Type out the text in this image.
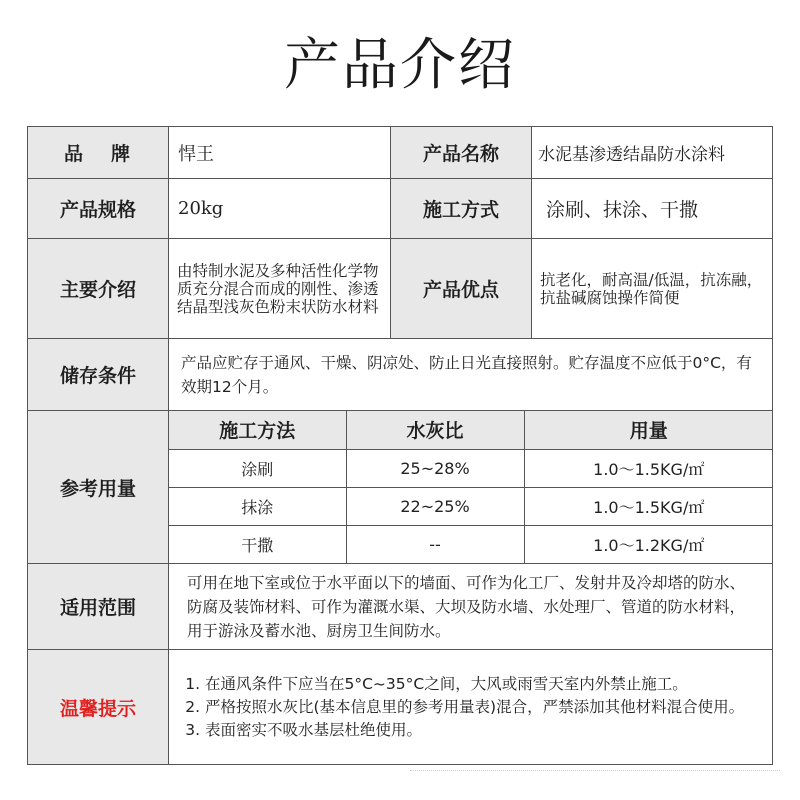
产品介绍
品牌	悍王	产品名称	水泥基渗透结晶防水涂料
产品规格	20kg	施工方式	涂刷、抹涂、干撒
主要介绍	由特制水泥及多种活性化学物质充分混合而成的刚性、渗透结晶型浅灰色粉末状防水材料	产品优点	抗老化，耐高温/低温，抗冻融，抗盐碱腐蚀操作简便
储存条件	产品应贮存于通风、干燥、阴凉处、防止日光直接照射。贮存温度不应低于0°C，有效期12个月。
参考用量	
施工方法	水灰比	用量
涂刷	25~28%	1.0～1.5KG/㎡
抹涂	22~25%	1.0～1.5KG/㎡
干撒	--	1.0～1.2KG/㎡

适用范围	可用在地下室或位于水平面以下的墙面、可作为化工厂、发射井及冷却塔的防水、防腐及装饰材料、可作为灌溉水渠、大坝及防水墙、水处理厂、管道的防水材料，用于游泳及蓄水池、厨房卫生间防水。
温馨提示	
1. 在通风条件下应当在5°C~35°C之间，大风或雨雪天室内外禁止施工。
2. 严格按照水灰比(基本信息里的参考用量表)混合，严禁添加其他材料混合使用。
3. 表面密实不吸水基层杜绝使用。
